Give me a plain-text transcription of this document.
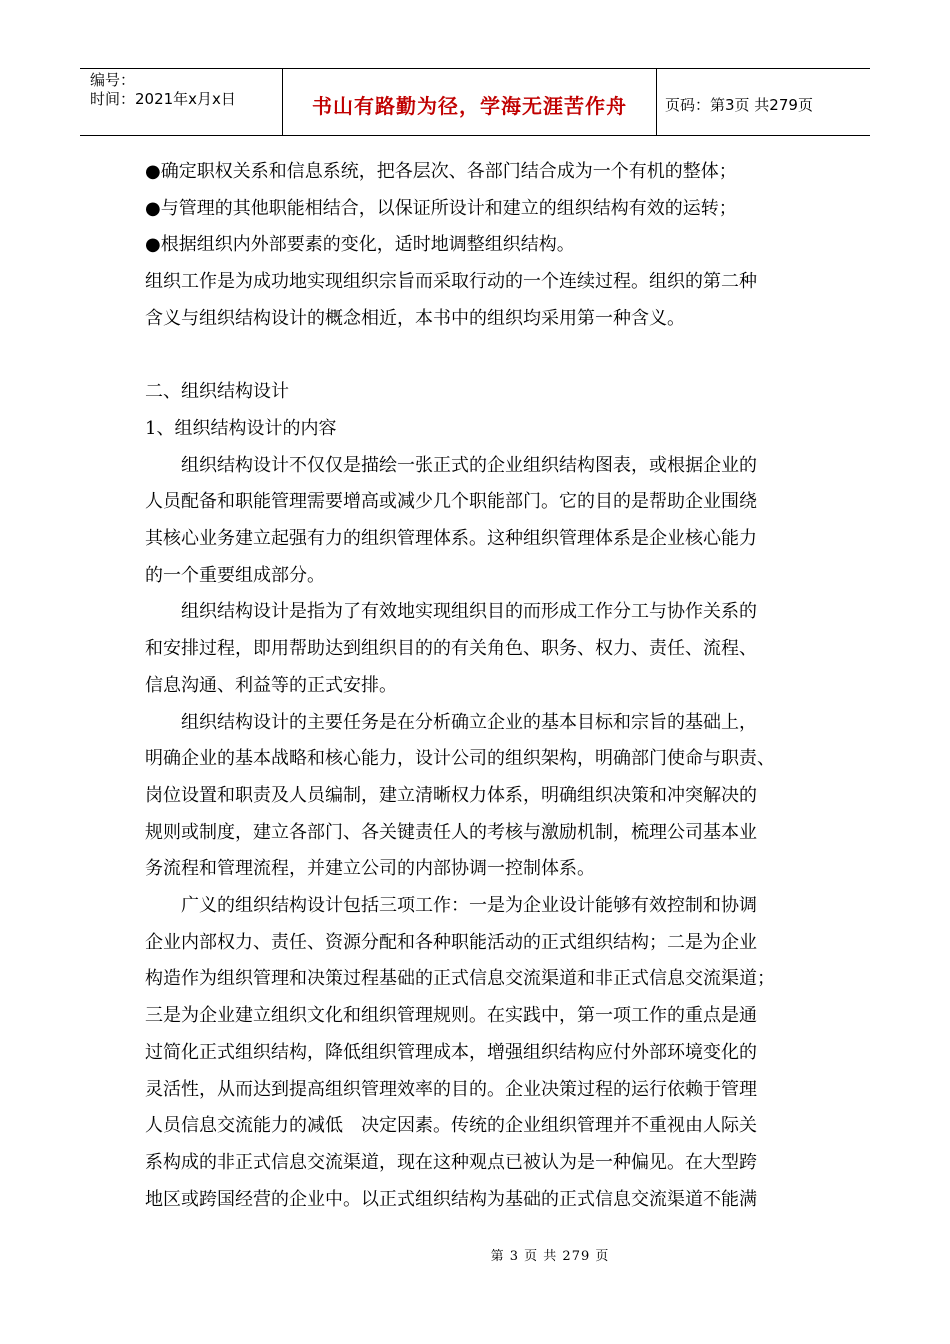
编号：
时间：2021年x月x日	书山有路勤为径，学海无涯苦作舟	页码：第3页 共279页

●确定职权关系和信息系统，把各层次、各部门结合成为一个有机的整体；

●与管理的其他职能相结合，以保证所设计和建立的组织结构有效的运转；

●根据组织内外部要素的变化，适时地调整组织结构。

组织工作是为成功地实现组织宗旨而采取行动的一个连续过程。组织的第二种

含义与组织结构设计的概念相近，本书中的组织均采用第一种含义。

二、组织结构设计

1、组织结构设计的内容

组织结构设计不仅仅是描绘一张正式的企业组织结构图表，或根据企业的

人员配备和职能管理需要增高或减少几个职能部门。它的目的是帮助企业围绕

其核心业务建立起强有力的组织管理体系。这种组织管理体系是企业核心能力

的一个重要组成部分。

组织结构设计是指为了有效地实现组织目的而形成工作分工与协作关系的

和安排过程，即用帮助达到组织目的的有关角色、职务、权力、责任、流程、

信息沟通、利益等的正式安排。

组织结构设计的主要任务是在分析确立企业的基本目标和宗旨的基础上，

明确企业的基本战略和核心能力，设计公司的组织架构，明确部门使命与职责、

岗位设置和职责及人员编制，建立清晰权力体系，明确组织决策和冲突解决的

规则或制度，建立各部门、各关键责任人的考核与激励机制，梳理公司基本业

务流程和管理流程，并建立公司的内部协调一控制体系。

广义的组织结构设计包括三项工作：一是为企业设计能够有效控制和协调

企业内部权力、责任、资源分配和各种职能活动的正式组织结构；二是为企业

构造作为组织管理和决策过程基础的正式信息交流渠道和非正式信息交流渠道；

三是为企业建立组织文化和组织管理规则。在实践中，第一项工作的重点是通

过简化正式组织结构，降低组织管理成本，增强组织结构应付外部环境变化的

灵活性，从而达到提高组织管理效率的目的。企业决策过程的运行依赖于管理

人员信息交流能力的减低　决定因素。传统的企业组织管理并不重视由人际关

系构成的非正式信息交流渠道，现在这种观点已被认为是一种偏见。在大型跨

地区或跨国经营的企业中。以正式组织结构为基础的正式信息交流渠道不能满

第 3 页 共 279 页
